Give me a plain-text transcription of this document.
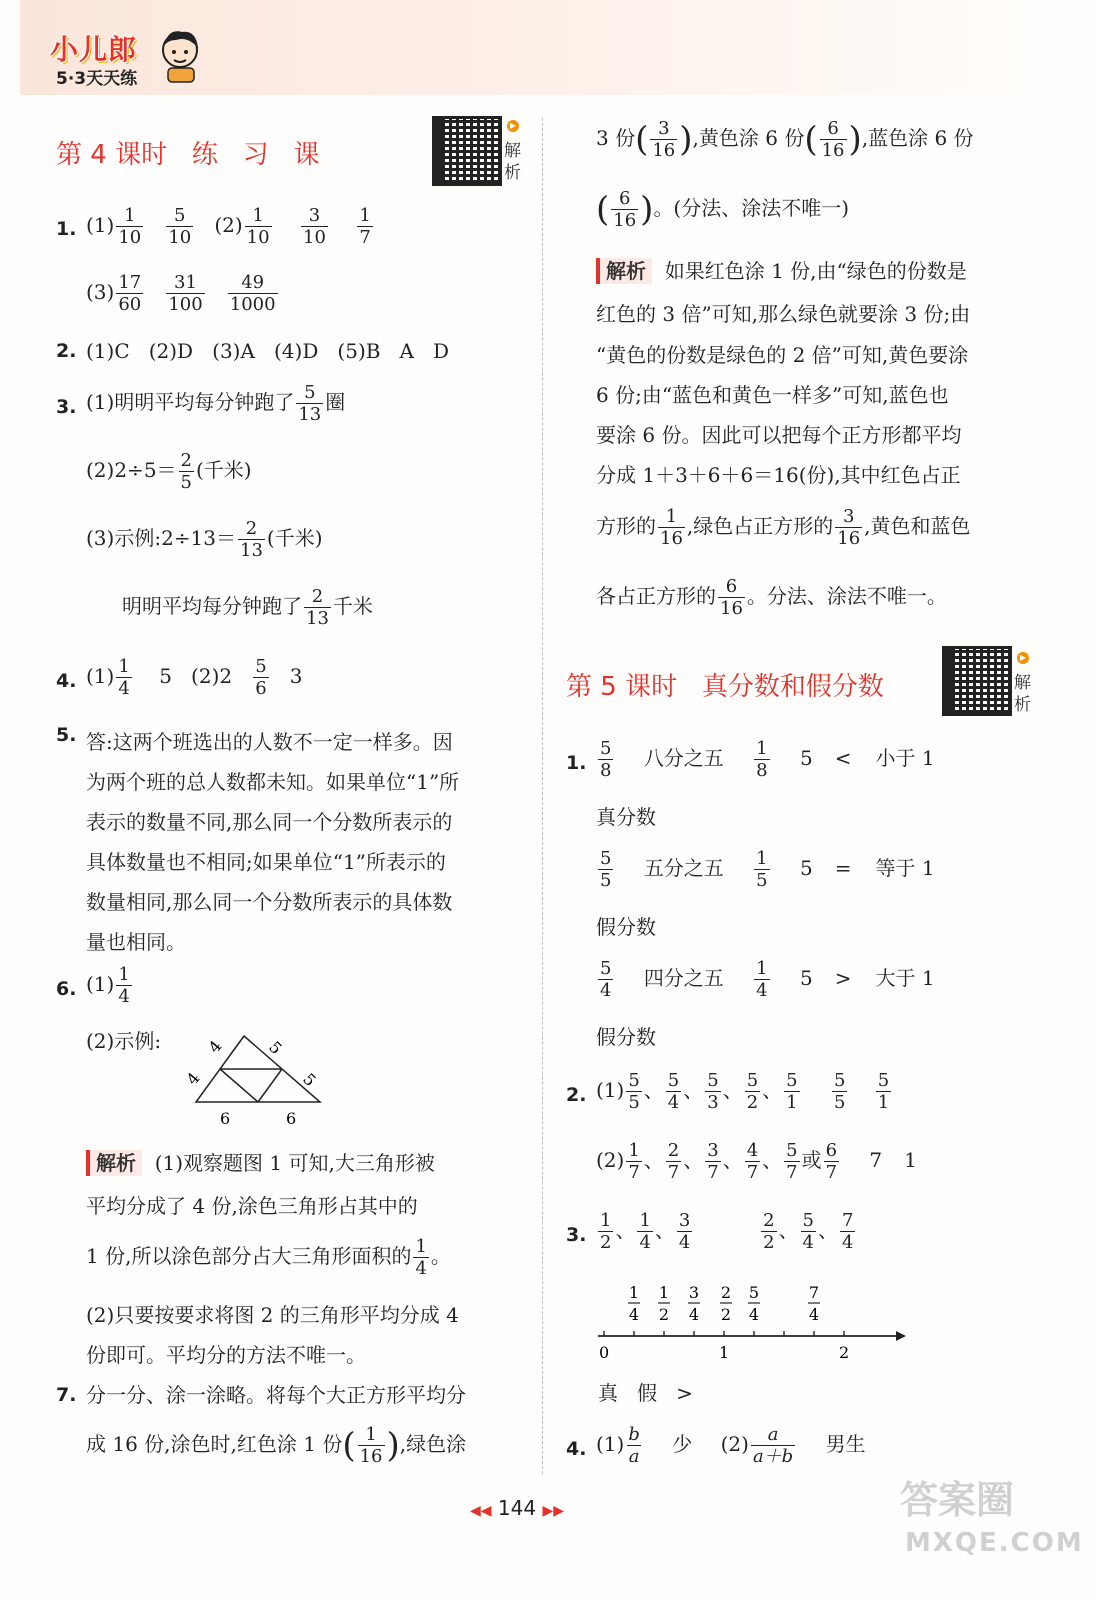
小儿郎
5·3天天练
第 4 课时   练   习   课
▶
解
析
1. $(1) \frac{1}{10}$
$\frac{5}{10} (2) \frac{1}{10}$
$\frac{3}{10}$
$\frac{1}{7}$
$(3) \frac{17}{60}$
$\frac{31}{100}$
$\frac{49}{1000}$
2. (1)C   (2)D   (3)A   (4)D   (5)B   A   D
3. (1)明明平均每分钟跑了 $\frac{5}{13}$ 圈
$(2)2\div 5= \frac{2}{5}$ (千米)
(3)示例:2÷13＝ $\frac{2}{13}$ (千米)
明明平均每分钟跑了 $\frac{2}{13}$ 千米
4. $(1) \frac{1}{4} 5$ $(2)2 \frac{5}{6} 3$
5. 答:这两个班选出的人数不一定一样多。因
为两个班的总人数都未知。如果单位“1”所
表示的数量不同,那么同一个分数所表示的
具体数量也不相同;如果单位“1”所表示的
数量相同,那么同一个分数所表示的具体数
量也相同。
6. $(1) \frac{1}{4}$
(2)示例:	4 5
4	5
6	6
解析 (1)观察题图 1 可知,大三角形被
平均分成了 4 份,涂色三角形占其中的
1 份,所以涂色部分占大三角形面积的 $\frac{1}{4}$ 。
(2)只要按要求将图 2 的三角形平均分成 4
份即可。平均分的方法不唯一。
7. 分一分、涂一涂略。将每个大正方形平均分
成 16 份,涂色时,红色涂 1 份( $\frac{1}{16}$ ),绿色涂
3 份( $\frac{3}{16}$ ),黄色涂 6 份( $\frac{6}{16}$ ),蓝色涂 6 份
( $\frac{6}{16}$ )。(分法、涂法不唯一)
解析 如果红色涂 1 份,由“绿色的份数是
红色的 3 倍”可知,那么绿色就要涂 3 份;由
“黄色的份数是绿色的 2 倍”可知,黄色要涂
6 份;由“蓝色和黄色一样多”可知,蓝色也
要涂 6 份。因此可以把每个正方形都平均
分成 1＋3＋6＋6＝16(份),其中红色占正
方形的 $\frac{1}{16}$ ,绿色占正方形的 $\frac{3}{16}$ ,黄色和蓝色
各占正方形的 $\frac{6}{16}$ 。分法、涂法不唯一。
第 5 课时   真分数和假分数
▶
解
析
1. $\frac{5}{8}$ 八分之五 $\frac{1}{8} 5$ < 小于 1
真分数
$\frac{5}{5}$ 五分之五 $\frac{1}{5} 5$ = 等于 1
假分数
$\frac{5}{4}$ 四分之五 $\frac{1}{4} 5$ > 大于 1
假分数
2. $(1) \frac{5}{5}$ 、 $\frac{5}{4}$ 、 $\frac{5}{3}$ 、 $\frac{5}{2}$ 、 $\frac{5}{1}$
$\frac{5}{5}$
$\frac{5}{1}$
$(2) \frac{1}{7}$ 、 $\frac{2}{7}$ 、 $\frac{3}{7}$ 、 $\frac{4}{7}$ 、 $\frac{5}{7}$ 或 $\frac{6}{7} 7$ 1
3. $\frac{1}{2}$ 、 $\frac{1}{4}$ 、 $\frac{3}{4}$
	$\frac{2}{2}$ 、 $\frac{5}{4}$ 、 $\frac{7}{4}$
0	1	2
1
4
1
2
3
4
2
2
5
4
7
4
真   假   >
4. $(1) \frac{b}{a}$ 少 $(2) \frac{a}{a+b}$ 男生
◀◀ 144 ▶▶	答案圈
MXQE.COM
